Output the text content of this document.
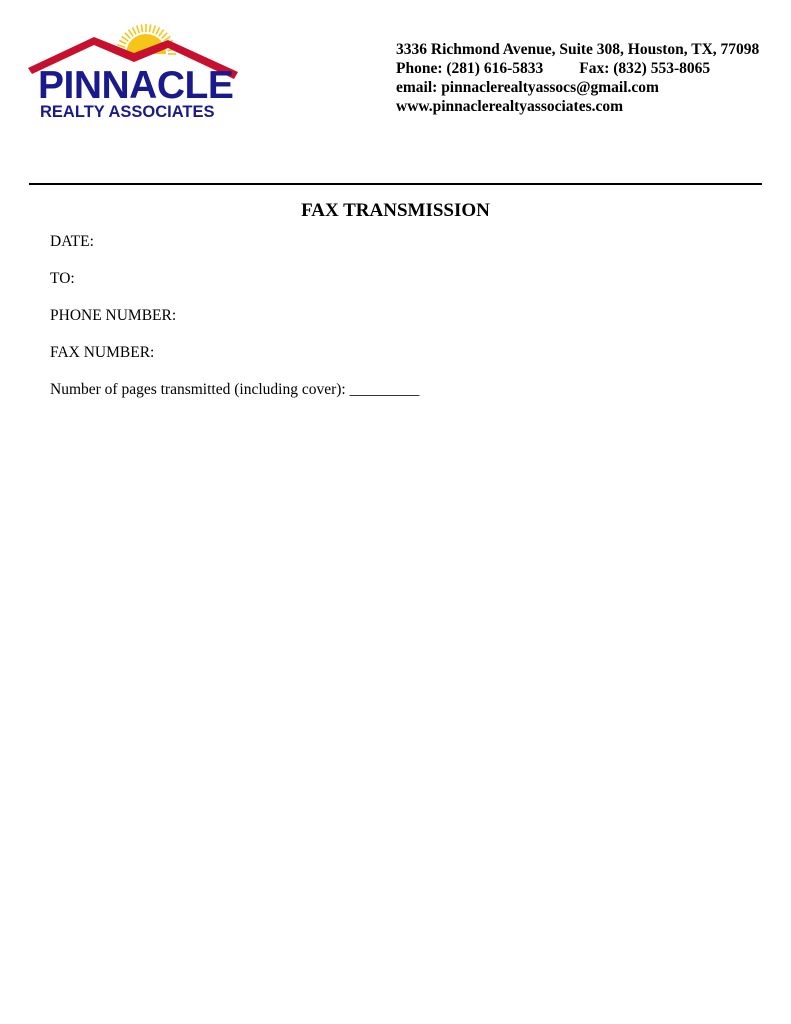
PINNACLE
REALTY ASSOCIATES
3336 Richmond Avenue, Suite 308, Houston, TX, 77098
Phone: (281) 616-5833 Fax: (832) 553-8065
email: pinnaclerealtyassocs@gmail.com
www.pinnaclerealtyassociates.com
FAX TRANSMISSION
DATE:
TO:
PHONE NUMBER:
FAX NUMBER:
Number of pages transmitted (including cover): _________
